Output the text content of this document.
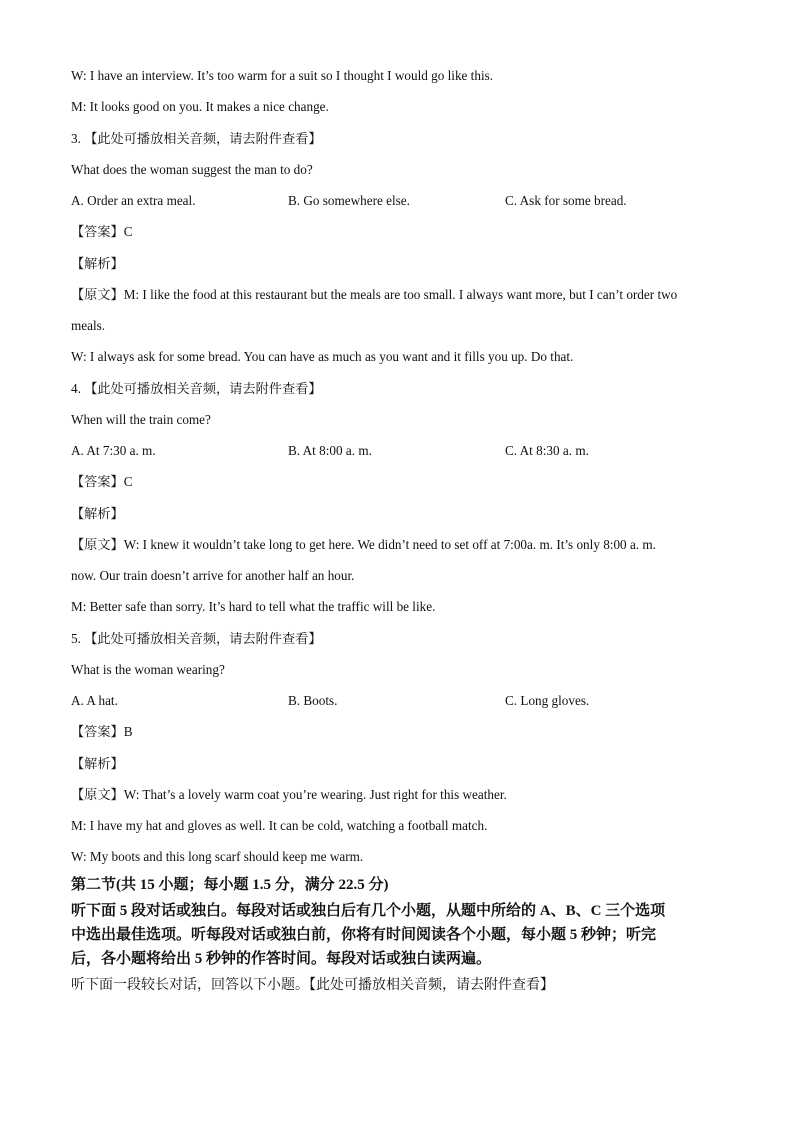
W: I have an interview. It’s too warm for a suit so I thought I would go like this.
M: It looks good on you. It makes a nice change.
3. 【此处可播放相关音频，请去附件查看】
What does the woman suggest the man to do?
A. Order an extra meal.	B. Go somewhere else.	C. Ask for some bread.
【答案】C
【解析】
【原文】M: I like the food at this restaurant but the meals are too small. I always want more, but I can’t order two
meals.
W: I always ask for some bread. You can have as much as you want and it fills you up. Do that.
4. 【此处可播放相关音频，请去附件查看】
When will the train come?
A. At 7:30 a. m.	B. At 8:00 a. m.	C. At 8:30 a. m.
【答案】C
【解析】
【原文】W: I knew it wouldn’t take long to get here. We didn’t need to set off at 7:00a. m. It’s only 8:00 a. m.
now. Our train doesn’t arrive for another half an hour.
M: Better safe than sorry. It’s hard to tell what the traffic will be like.
5. 【此处可播放相关音频，请去附件查看】
What is the woman wearing?
A. A hat.	B. Boots.	C. Long gloves.
【答案】B
【解析】
【原文】W: That’s a lovely warm coat you’re wearing. Just right for this weather.
M: I have my hat and gloves as well. It can be cold, watching a football match.
W: My boots and this long scarf should keep me warm.
第二节(共 15 小题；每小题 1.5 分，满分 22.5 分)
听下面 5 段对话或独白。每段对话或独白后有几个小题，从题中所给的 A、B、C 三个选项
中选出最佳选项。听每段对话或独白前，你将有时间阅读各个小题，每小题 5 秒钟；听完
后，各小题将给出 5 秒钟的作答时间。每段对话或独白读两遍。
听下面一段较长对话，回答以下小题。【此处可播放相关音频，请去附件查看】
